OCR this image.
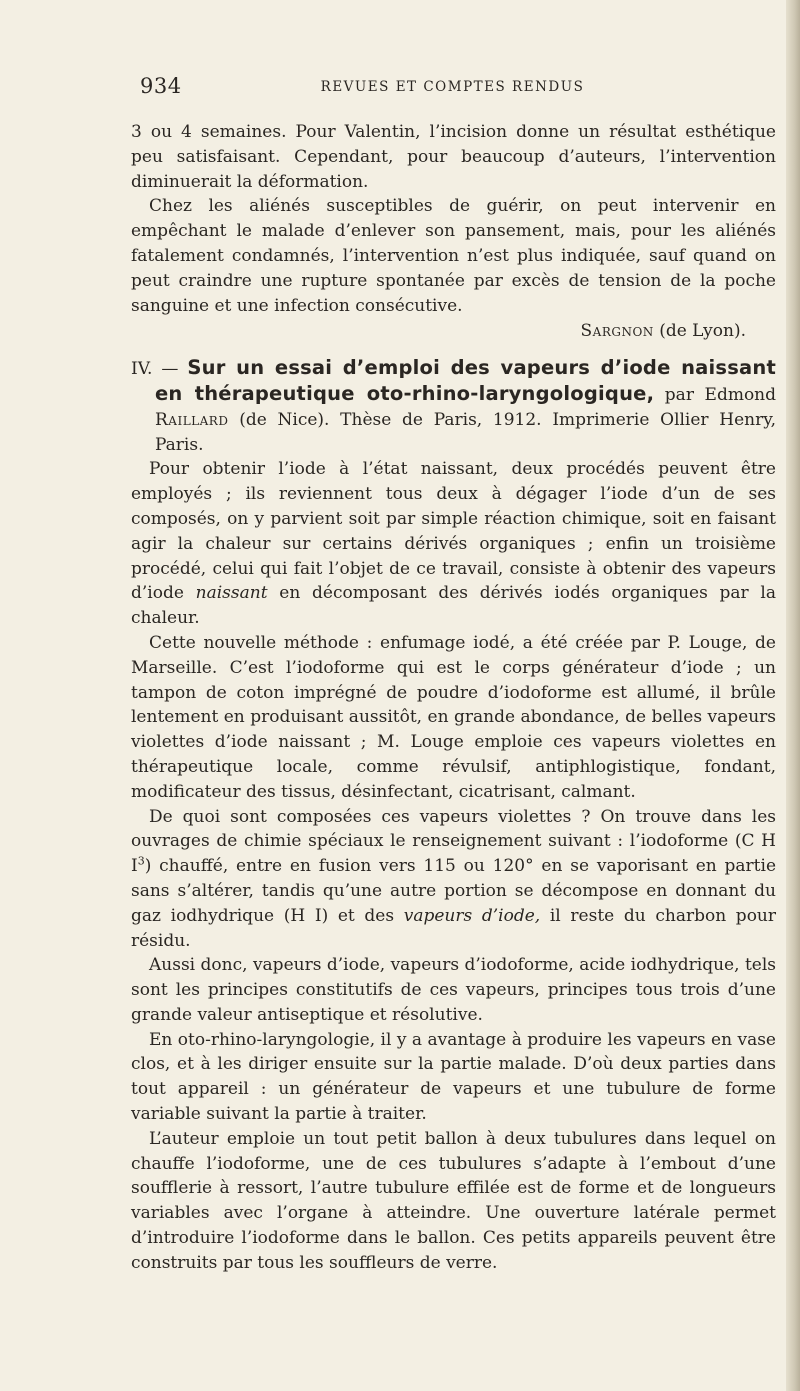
934	REVUES ET COMPTES RENDUS

3 ou 4 semaines. Pour Valentin, l’incision donne un résultat esthétique peu satisfaisant. Cependant, pour beaucoup d’auteurs, l’intervention diminuerait la déformation.

Chez les aliénés susceptibles de guérir, on peut intervenir en empêchant le malade d’enlever son pansement, mais, pour les aliénés fatalement condamnés, l’intervention n’est plus indiquée, sauf quand on peut craindre une rupture spontanée par excès de tension de la poche sanguine et une infection consécutive.

Sargnon (de Lyon).

IV. — Sur un essai d’emploi des vapeurs d’iode naissant en thérapeutique oto-rhino-laryngologique, par Edmond Raillard (de Nice). Thèse de Paris, 1912. Imprimerie Ollier Henry, Paris.

Pour obtenir l’iode à l’état naissant, deux procédés peuvent être employés ; ils reviennent tous deux à dégager l’iode d’un de ses composés, on y parvient soit par simple réaction chimique, soit en faisant agir la chaleur sur certains dérivés organiques ; enfin un troisième procédé, celui qui fait l’objet de ce travail, consiste à obtenir des vapeurs d’iode naissant en décomposant des dérivés iodés organiques par la chaleur.

Cette nouvelle méthode : enfumage iodé, a été créée par P. Louge, de Marseille. C’est l’iodoforme qui est le corps générateur d’iode ; un tampon de coton imprégné de poudre d’iodoforme est allumé, il brûle lentement en produisant aussitôt, en grande abondance, de belles vapeurs violettes d’iode naissant ; M. Louge emploie ces vapeurs violettes en thérapeutique locale, comme révulsif, antiphlogistique, fondant, modificateur des tissus, désinfectant, cicatrisant, calmant.

De quoi sont composées ces vapeurs violettes ? On trouve dans les ouvrages de chimie spéciaux le renseignement suivant : l’iodoforme (C H $I^3$) chauffé, entre en fusion vers 115 ou 120° en se vaporisant en partie sans s’altérer, tandis qu’une autre portion se décompose en donnant du gaz iodhydrique (H I) et des vapeurs d’iode, il reste du charbon pour résidu.

Aussi donc, vapeurs d’iode, vapeurs d’iodoforme, acide iodhydrique, tels sont les principes constitutifs de ces vapeurs, principes tous trois d’une grande valeur antiseptique et résolutive.

En oto-rhino-laryngologie, il y a avantage à produire les vapeurs en vase clos, et à les diriger ensuite sur la partie malade. D’où deux parties dans tout appareil : un générateur de vapeurs et une tubulure de forme variable suivant la partie à traiter.

L’auteur emploie un tout petit ballon à deux tubulures dans lequel on chauffe l’iodoforme, une de ces tubulures s’adapte à l’embout d’une soufflerie à ressort, l’autre tubulure effilée est de forme et de longueurs variables avec l’organe à atteindre. Une ouverture latérale permet d’introduire l’iodoforme dans le ballon. Ces petits appareils peuvent être construits par tous les souffleurs de verre.
